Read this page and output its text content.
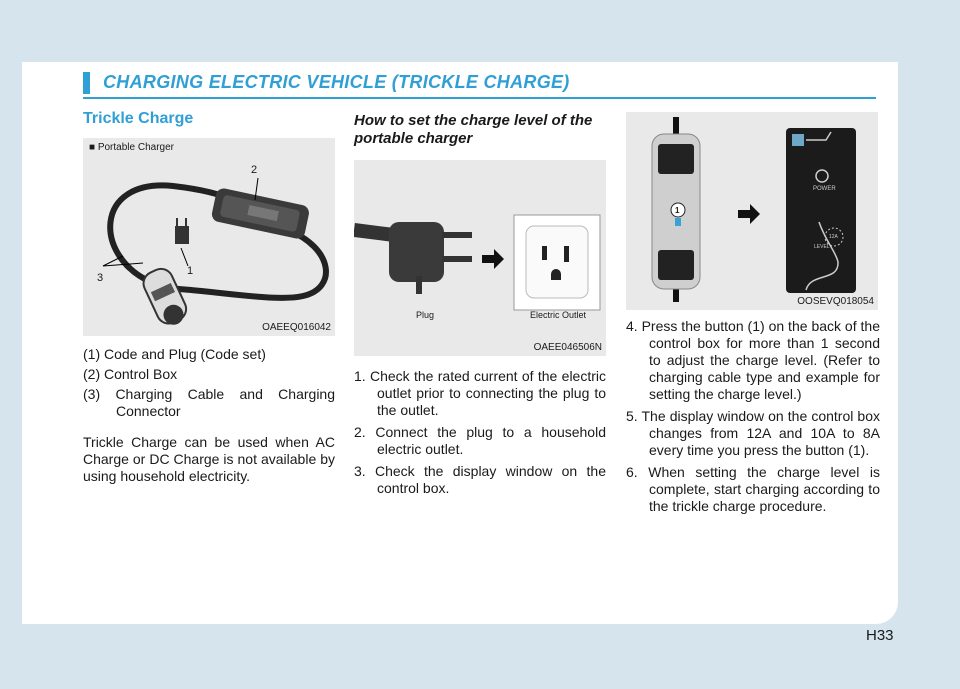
CHARGING ELECTRIC VEHICLE (TRICKLE CHARGE)
Trickle Charge
■ Portable Charger
1
2
3
OAEEQ016042
(1) Code and Plug (Code set)
(2) Control Box
(3) Charging Cable and Charging Connector

Trickle Charge can be used when AC Charge or DC Charge is not available by using household electricity.

How to set the charge level of the portable charger
Plug	Electric Outlet
OAEE046506N
1. Check the rated current of the electric outlet prior to connecting the plug to the outlet.
2. Connect the plug to a household electric outlet.
3. Check the display window on the control box.
1
POWER
LEVEL
12A
OOSEVQ018054
4. Press the button (1) on the back of the control box for more than 1 second to adjust the charge level. (Refer to charging cable type and example for setting the charge level.)
5. The display window on the control box changes from 12A and 10A to 8A every time you press the button (1).
6. When setting the charge level is complete, start charging according to the trickle charge procedure.
H33
